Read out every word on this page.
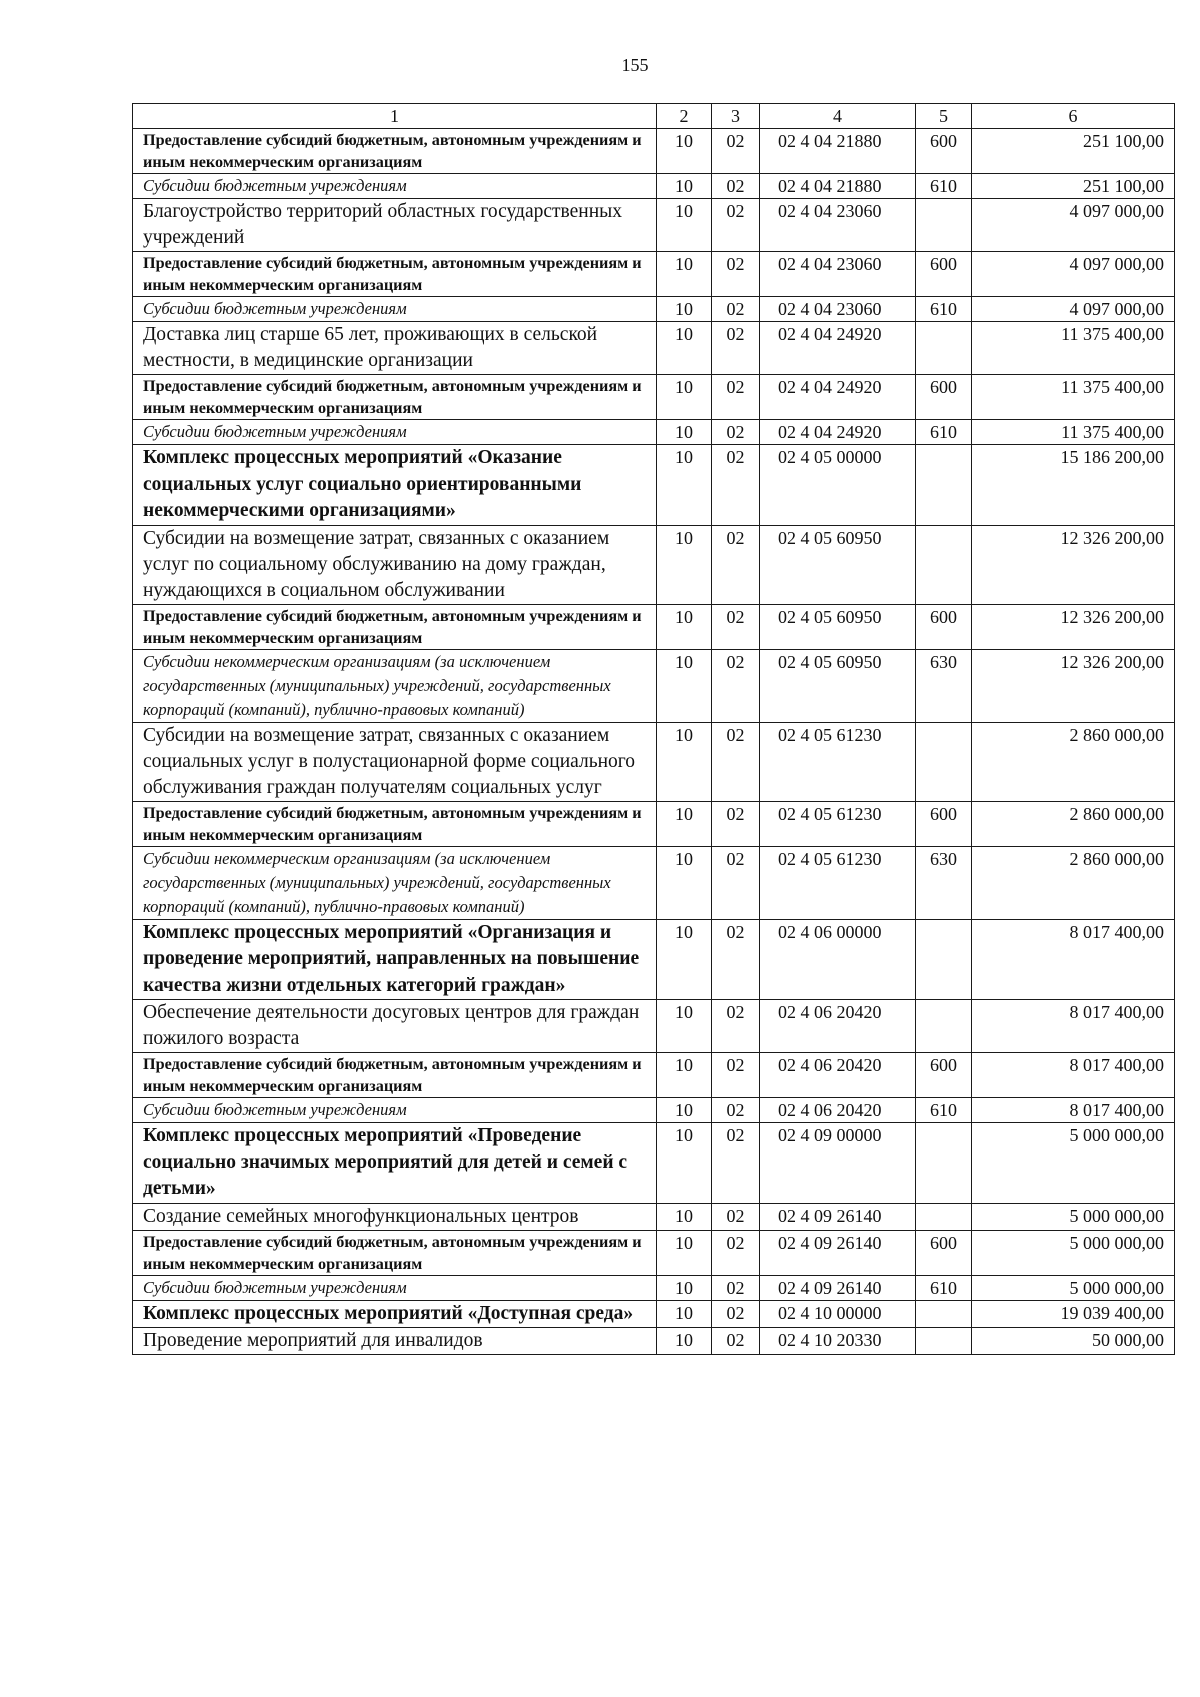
155
1	2	3	4	5	6
Предоставление субсидий бюджетным, автономным учреждениям и иным некоммерческим организациям	10	02	02 4 04 21880	600	251 100,00
Субсидии бюджетным учреждениям	10	02	02 4 04 21880	610	251 100,00
Благоустройство территорий областных государственных учреждений	10	02	02 4 04 23060		4 097 000,00
Предоставление субсидий бюджетным, автономным учреждениям и иным некоммерческим организациям	10	02	02 4 04 23060	600	4 097 000,00
Субсидии бюджетным учреждениям	10	02	02 4 04 23060	610	4 097 000,00
Доставка лиц старше 65 лет, проживающих в сельской местности, в медицинские организации	10	02	02 4 04 24920		11 375 400,00
Предоставление субсидий бюджетным, автономным учреждениям и иным некоммерческим организациям	10	02	02 4 04 24920	600	11 375 400,00
Субсидии бюджетным учреждениям	10	02	02 4 04 24920	610	11 375 400,00
Комплекс процессных мероприятий «Оказание социальных услуг социально ориентированными некоммерческими организациями»	10	02	02 4 05 00000		15 186 200,00
Субсидии на возмещение затрат, связанных с оказанием услуг по социальному обслуживанию на дому граждан, нуждающихся в социальном обслуживании	10	02	02 4 05 60950		12 326 200,00
Предоставление субсидий бюджетным, автономным учреждениям и иным некоммерческим организациям	10	02	02 4 05 60950	600	12 326 200,00
Субсидии некоммерческим организациям (за исключением государственных (муниципальных) учреждений, государственных корпораций (компаний), публично-правовых компаний)	10	02	02 4 05 60950	630	12 326 200,00
Субсидии на возмещение затрат, связанных с оказанием социальных услуг в полустационарной форме социального обслуживания граждан получателям социальных услуг	10	02	02 4 05 61230		2 860 000,00
Предоставление субсидий бюджетным, автономным учреждениям и иным некоммерческим организациям	10	02	02 4 05 61230	600	2 860 000,00
Субсидии некоммерческим организациям (за исключением государственных (муниципальных) учреждений, государственных корпораций (компаний), публично-правовых компаний)	10	02	02 4 05 61230	630	2 860 000,00
Комплекс процессных мероприятий «Организация и проведение мероприятий, направленных на повышение качества жизни отдельных категорий граждан»	10	02	02 4 06 00000		8 017 400,00
Обеспечение деятельности досуговых центров для граждан пожилого возраста	10	02	02 4 06 20420		8 017 400,00
Предоставление субсидий бюджетным, автономным учреждениям и иным некоммерческим организациям	10	02	02 4 06 20420	600	8 017 400,00
Субсидии бюджетным учреждениям	10	02	02 4 06 20420	610	8 017 400,00
Комплекс процессных мероприятий «Проведение социально значимых мероприятий для детей и семей с детьми»	10	02	02 4 09 00000		5 000 000,00
Создание семейных многофункциональных центров	10	02	02 4 09 26140		5 000 000,00
Предоставление субсидий бюджетным, автономным учреждениям и иным некоммерческим организациям	10	02	02 4 09 26140	600	5 000 000,00
Субсидии бюджетным учреждениям	10	02	02 4 09 26140	610	5 000 000,00
Комплекс процессных мероприятий «Доступная среда»	10	02	02 4 10 00000		19 039 400,00
Проведение мероприятий для инвалидов	10	02	02 4 10 20330		50 000,00
